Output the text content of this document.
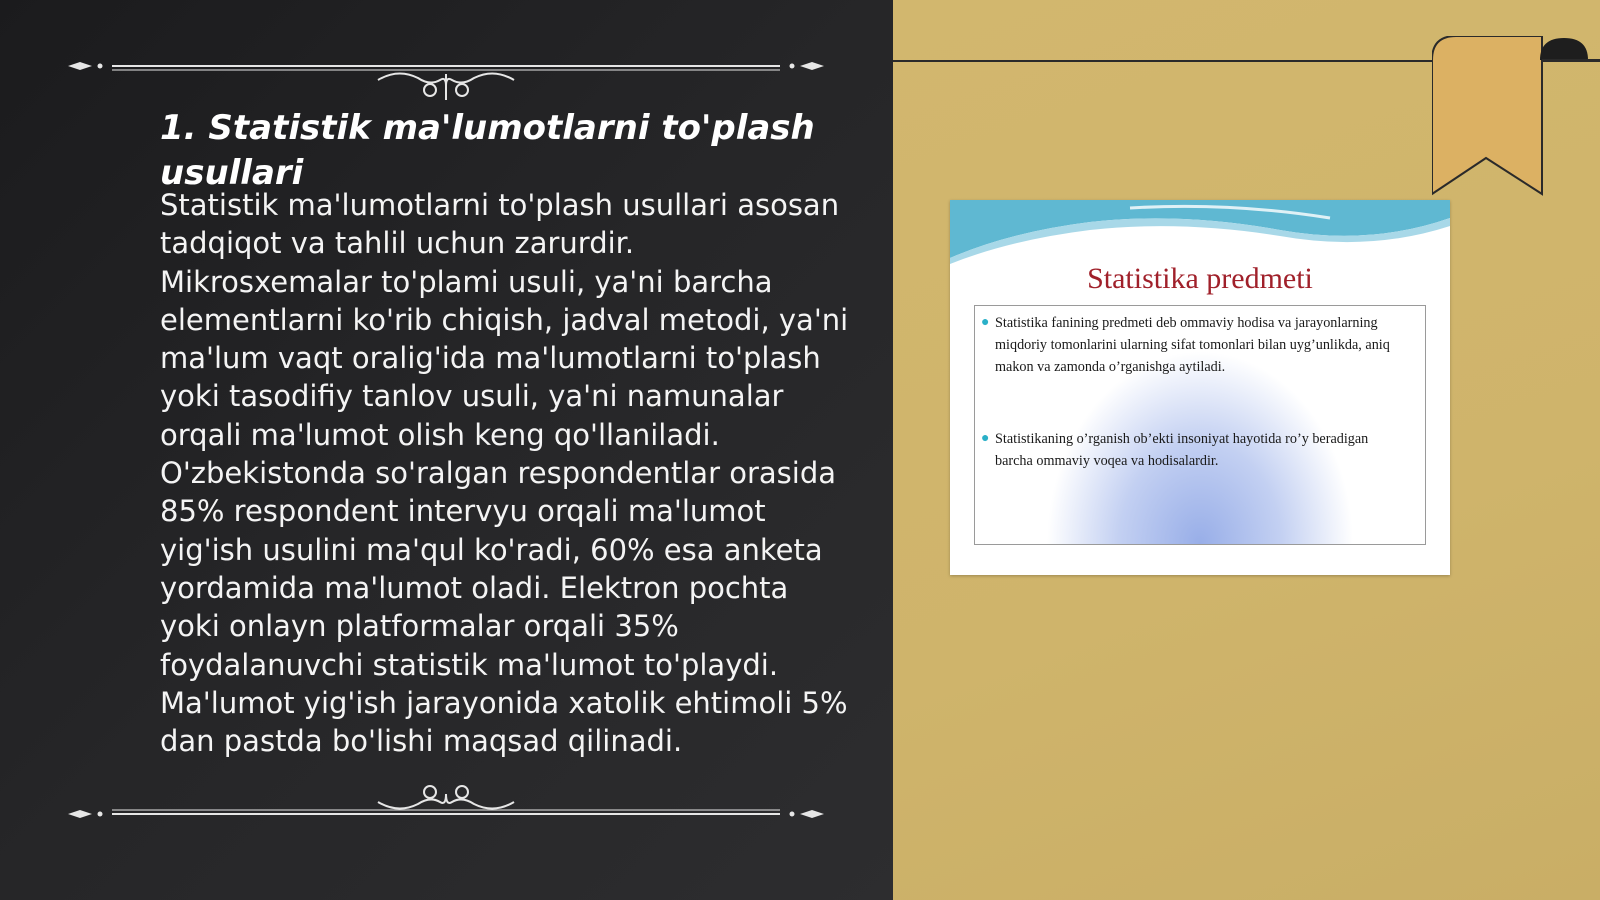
1. Statistik ma'lumotlarni to'plash usullari

Statistik ma'lumotlarni to'plash usullari asosan tadqiqot va tahlil uchun zarurdir. Mikrosxemalar to'plami usuli, ya'ni barcha elementlarni ko'rib chiqish, jadval metodi, ya'ni ma'lum vaqt oralig'ida ma'lumotlarni to'plash yoki tasodifiy tanlov usuli, ya'ni namunalar orqali ma'lumot olish keng qo'llaniladi. O'zbekistonda so'ralgan respondentlar orasida 85% respondent intervyu orqali ma'lumot yig'ish usulini ma'qul ko'radi, 60% esa anketa yordamida ma'lumot oladi. Elektron pochta yoki onlayn platformalar orqali 35% foydalanuvchi statistik ma'lumot to'playdi. Ma'lumot yig'ish jarayonida xatolik ehtimoli 5% dan pastda bo'lishi maqsad qilinadi.

Statistika predmeti

● Statistika fanining predmeti deb ommaviy hodisa va jarayonlarning miqdoriy tomonlarini ularning sifat tomonlari bilan uyg’unlikda, aniq makon va zamonda o’rganishga aytiladi.

● Statistikaning o’rganish ob’ekti insoniyat hayotida ro’y beradigan barcha ommaviy voqea va hodisalardir.
